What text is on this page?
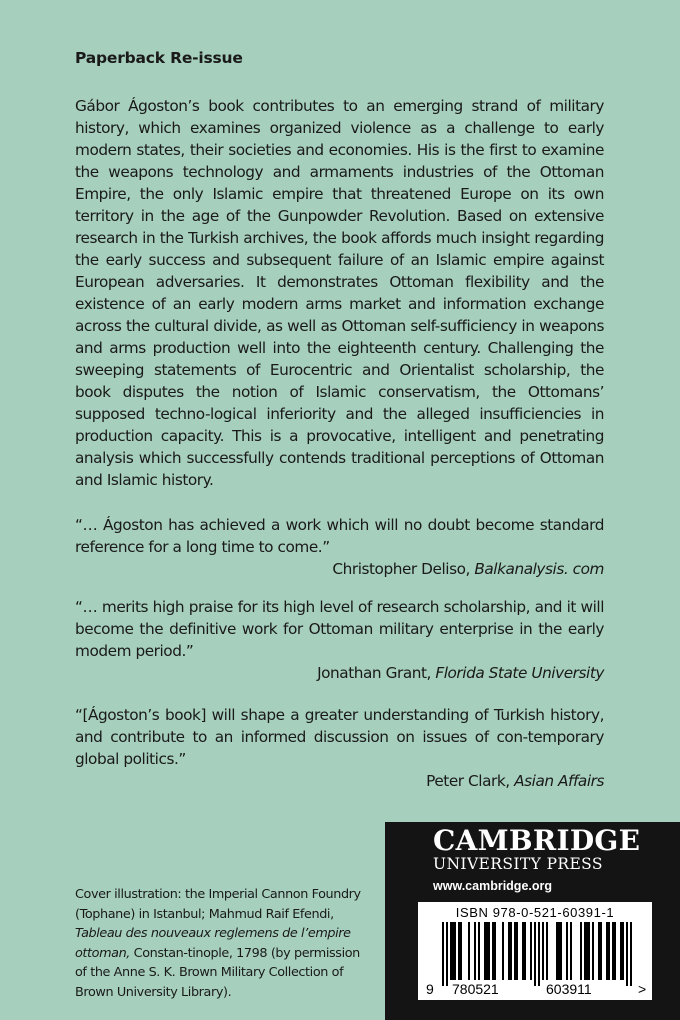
Paperback Re-issue

Gábor Ágoston’s book contributes to an emerging strand of military history, which examines organized violence as a challenge to early modern states, their societies and economies. His is the first to examine the weapons technology and armaments industries of the Ottoman Empire, the only Islamic empire that threatened Europe on its own territory in the age of the Gunpowder Revolution. Based on extensive research in the Turkish archives, the book affords much insight regarding the early success and subsequent failure of an Islamic empire against European adversaries. It demonstrates Ottoman flexibility and the existence of an early modern arms market and information exchange across the cultural divide, as well as Ottoman self-sufficiency in weapons and arms production well into the eighteenth century. Challenging the sweeping statements of Eurocentric and Orientalist scholarship, the book disputes the notion of Islamic conservatism, the Ottomans’ supposed techno-logical inferiority and the alleged insufficiencies in production capacity. This is a provocative, intelligent and penetrating analysis which successfully contends traditional perceptions of Ottoman and Islamic history.

“… Ágoston has achieved a work which will no doubt become standard reference for a long time to come.”

Christopher Deliso, Balkanalysis. com

“… merits high praise for its high level of research scholarship, and it will become the definitive work for Ottoman military enterprise in the early modem period.”

Jonathan Grant, Florida State University

“[Ágoston’s book] will shape a greater understanding of Turkish history, and contribute to an informed discussion on issues of con-temporary global politics.”

Peter Clark, Asian Affairs

Cover illustration: the Imperial Cannon Foundry (Tophane) in Istanbul; Mahmud Raif Efendi, Tableau des nouveaux reglemens de l’empire ottoman, Constan-tinople, 1798 (by permission of the Anne S. K. Brown Military Collection of Brown University Library).

CAMBRIDGE
UNIVERSITY PRESS
www.cambridge.org
ISBN 978-0-521-60391-1
9 780521	603911	>
